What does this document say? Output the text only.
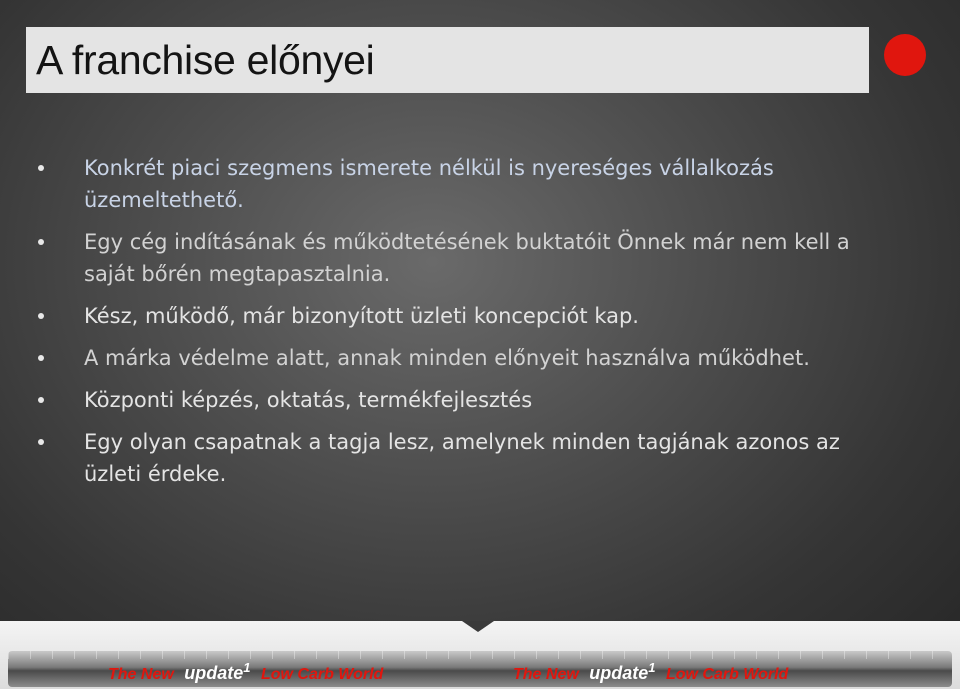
A franchise előnyei
Konkrét piaci szegmens ismerete nélkül is nyereséges vállalkozás üzemeltethető.
Egy cég indításának és működtetésének buktatóit Önnek már nem kell a saját bőrén megtapasztalnia.
Kész, működő, már bizonyított üzleti koncepciót kap.
A márka védelme alatt, annak minden előnyeit használva működhet.
Központi képzés, oktatás, termékfejlesztés
Egy olyan csapatnak a tagja lesz, amelynek minden tagjának azonos az üzleti érdeke.
The New update$^1$ Low Carb World	The New update$^1$ Low Carb World
